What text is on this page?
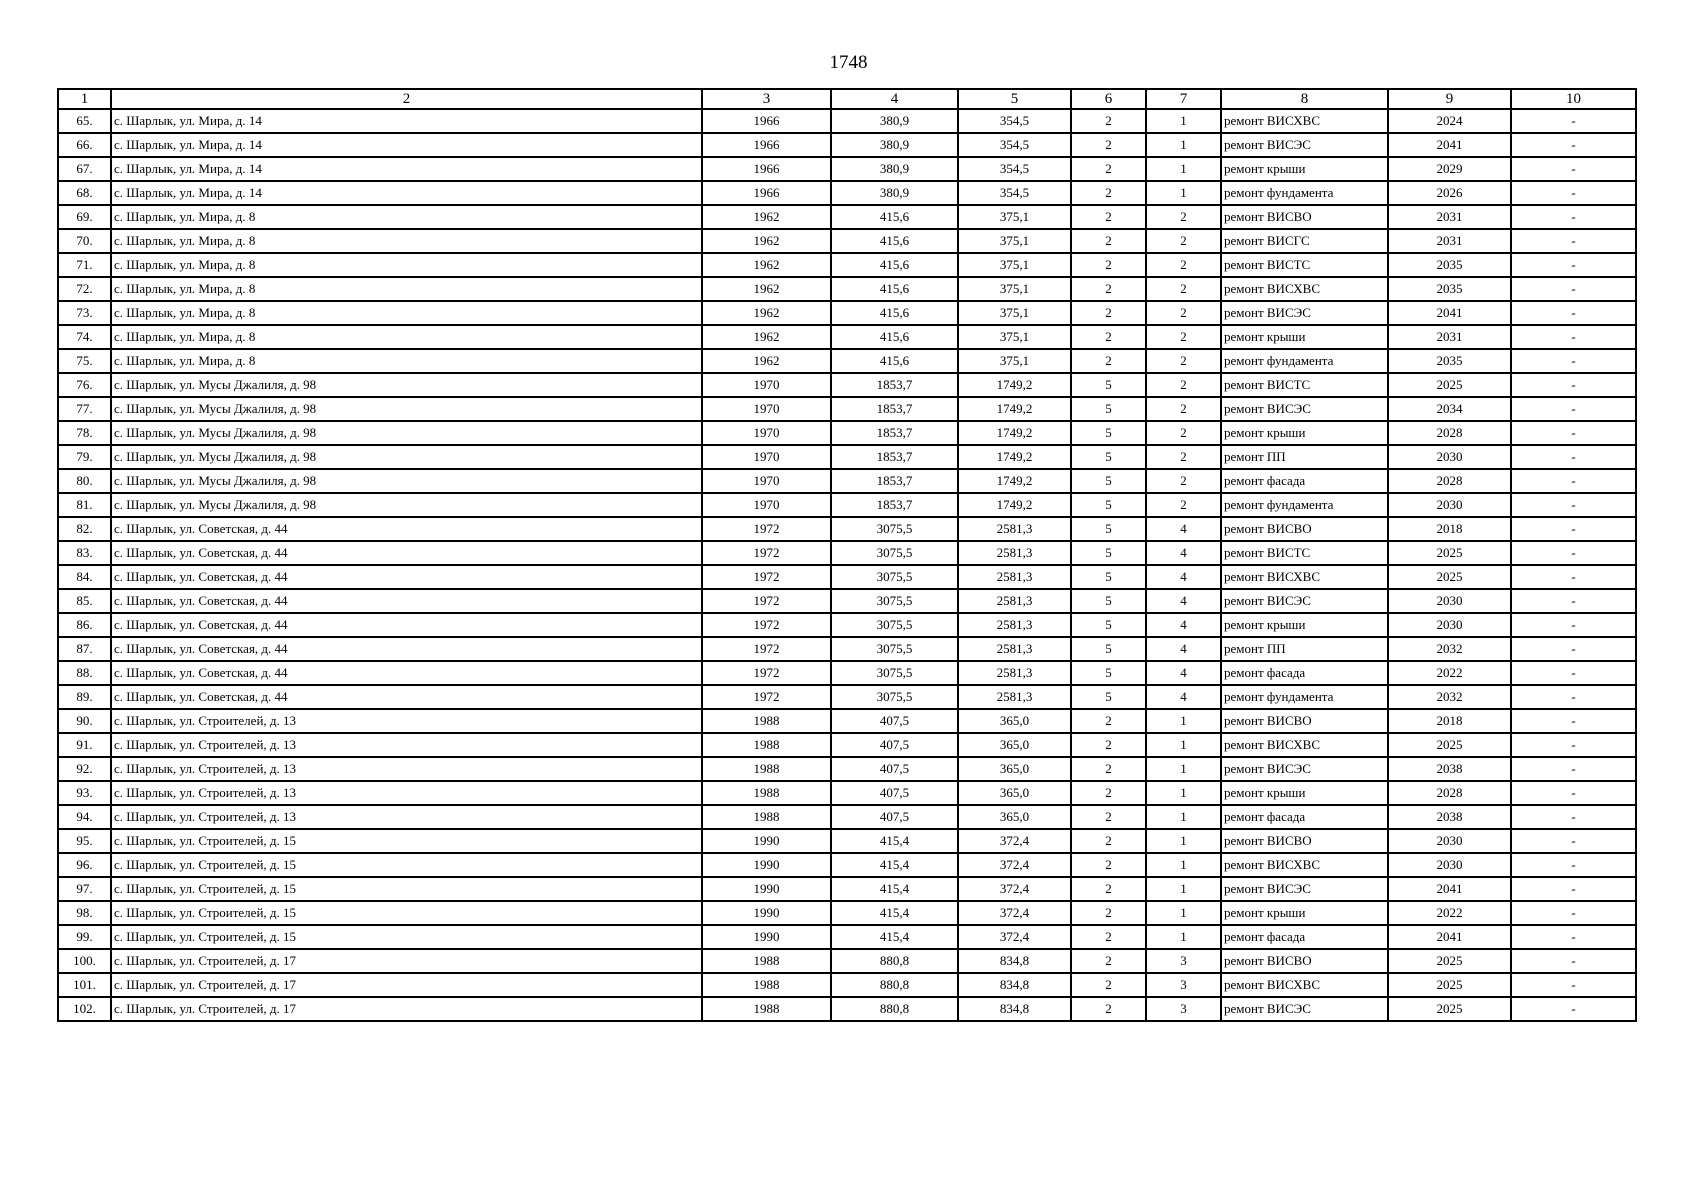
1748
1	2	3	4	5	6	7	8	9	10
65.	с. Шарлык, ул. Мира, д. 14	1966	380,9	354,5	2	1	ремонт ВИСХВС	2024	-
66.	с. Шарлык, ул. Мира, д. 14	1966	380,9	354,5	2	1	ремонт ВИСЭС	2041	-
67.	с. Шарлык, ул. Мира, д. 14	1966	380,9	354,5	2	1	ремонт крыши	2029	-
68.	с. Шарлык, ул. Мира, д. 14	1966	380,9	354,5	2	1	ремонт фундамента	2026	-
69.	с. Шарлык, ул. Мира, д. 8	1962	415,6	375,1	2	2	ремонт ВИСВО	2031	-
70.	с. Шарлык, ул. Мира, д. 8	1962	415,6	375,1	2	2	ремонт ВИСГС	2031	-
71.	с. Шарлык, ул. Мира, д. 8	1962	415,6	375,1	2	2	ремонт ВИСТС	2035	-
72.	с. Шарлык, ул. Мира, д. 8	1962	415,6	375,1	2	2	ремонт ВИСХВС	2035	-
73.	с. Шарлык, ул. Мира, д. 8	1962	415,6	375,1	2	2	ремонт ВИСЭС	2041	-
74.	с. Шарлык, ул. Мира, д. 8	1962	415,6	375,1	2	2	ремонт крыши	2031	-
75.	с. Шарлык, ул. Мира, д. 8	1962	415,6	375,1	2	2	ремонт фундамента	2035	-
76.	с. Шарлык, ул. Мусы Джалиля, д. 98	1970	1853,7	1749,2	5	2	ремонт ВИСТС	2025	-
77.	с. Шарлык, ул. Мусы Джалиля, д. 98	1970	1853,7	1749,2	5	2	ремонт ВИСЭС	2034	-
78.	с. Шарлык, ул. Мусы Джалиля, д. 98	1970	1853,7	1749,2	5	2	ремонт крыши	2028	-
79.	с. Шарлык, ул. Мусы Джалиля, д. 98	1970	1853,7	1749,2	5	2	ремонт ПП	2030	-
80.	с. Шарлык, ул. Мусы Джалиля, д. 98	1970	1853,7	1749,2	5	2	ремонт фасада	2028	-
81.	с. Шарлык, ул. Мусы Джалиля, д. 98	1970	1853,7	1749,2	5	2	ремонт фундамента	2030	-
82.	с. Шарлык, ул. Советская, д. 44	1972	3075,5	2581,3	5	4	ремонт ВИСВО	2018	-
83.	с. Шарлык, ул. Советская, д. 44	1972	3075,5	2581,3	5	4	ремонт ВИСТС	2025	-
84.	с. Шарлык, ул. Советская, д. 44	1972	3075,5	2581,3	5	4	ремонт ВИСХВС	2025	-
85.	с. Шарлык, ул. Советская, д. 44	1972	3075,5	2581,3	5	4	ремонт ВИСЭС	2030	-
86.	с. Шарлык, ул. Советская, д. 44	1972	3075,5	2581,3	5	4	ремонт крыши	2030	-
87.	с. Шарлык, ул. Советская, д. 44	1972	3075,5	2581,3	5	4	ремонт ПП	2032	-
88.	с. Шарлык, ул. Советская, д. 44	1972	3075,5	2581,3	5	4	ремонт фасада	2022	-
89.	с. Шарлык, ул. Советская, д. 44	1972	3075,5	2581,3	5	4	ремонт фундамента	2032	-
90.	с. Шарлык, ул. Строителей, д. 13	1988	407,5	365,0	2	1	ремонт ВИСВО	2018	-
91.	с. Шарлык, ул. Строителей, д. 13	1988	407,5	365,0	2	1	ремонт ВИСХВС	2025	-
92.	с. Шарлык, ул. Строителей, д. 13	1988	407,5	365,0	2	1	ремонт ВИСЭС	2038	-
93.	с. Шарлык, ул. Строителей, д. 13	1988	407,5	365,0	2	1	ремонт крыши	2028	-
94.	с. Шарлык, ул. Строителей, д. 13	1988	407,5	365,0	2	1	ремонт фасада	2038	-
95.	с. Шарлык, ул. Строителей, д. 15	1990	415,4	372,4	2	1	ремонт ВИСВО	2030	-
96.	с. Шарлык, ул. Строителей, д. 15	1990	415,4	372,4	2	1	ремонт ВИСХВС	2030	-
97.	с. Шарлык, ул. Строителей, д. 15	1990	415,4	372,4	2	1	ремонт ВИСЭС	2041	-
98.	с. Шарлык, ул. Строителей, д. 15	1990	415,4	372,4	2	1	ремонт крыши	2022	-
99.	с. Шарлык, ул. Строителей, д. 15	1990	415,4	372,4	2	1	ремонт фасада	2041	-
100.	с. Шарлык, ул. Строителей, д. 17	1988	880,8	834,8	2	3	ремонт ВИСВО	2025	-
101.	с. Шарлык, ул. Строителей, д. 17	1988	880,8	834,8	2	3	ремонт ВИСХВС	2025	-
102.	с. Шарлык, ул. Строителей, д. 17	1988	880,8	834,8	2	3	ремонт ВИСЭС	2025	-
